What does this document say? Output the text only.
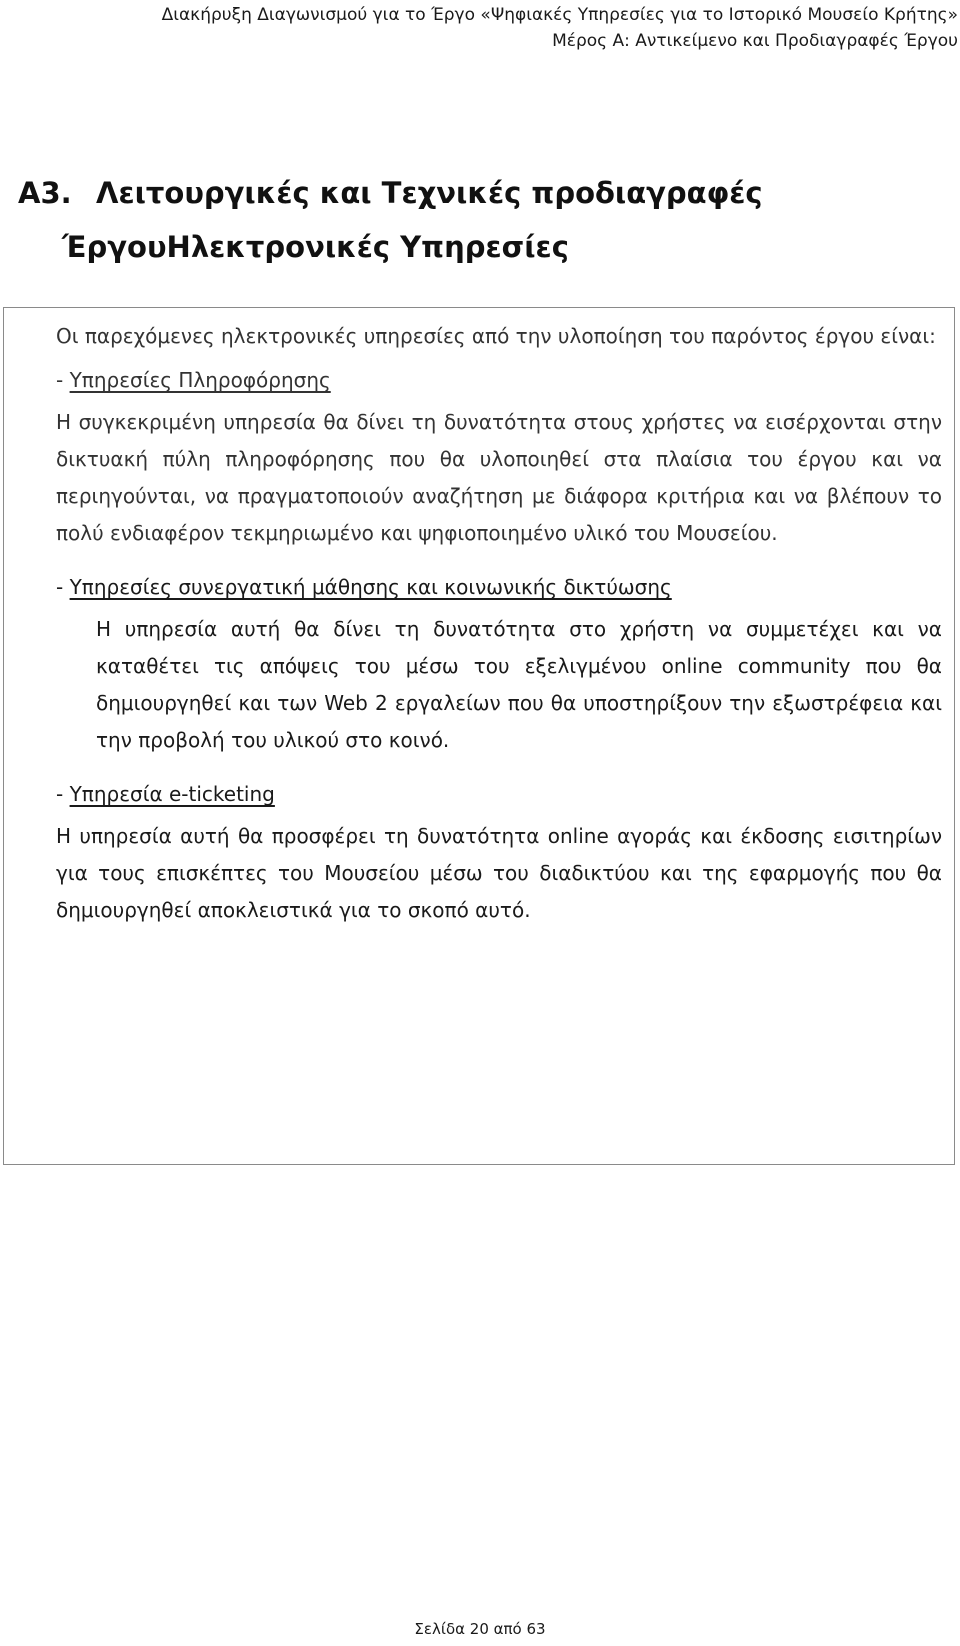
Διακήρυξη Διαγωνισμού για το Έργο «Ψηφιακές Υπηρεσίες για το Ιστορικό Μουσείο Κρήτης»
Μέρος Α: Αντικείμενο και Προδιαγραφές Έργου
Α3. Λειτουργικές και Τεχνικές προδιαγραφές
ΈργουΗλεκτρονικές Υπηρεσίες

Οι παρεχόμενες ηλεκτρονικές υπηρεσίες από την υλοποίηση του παρόντος έργου είναι:

- Υπηρεσίες Πληροφόρησης

Η συγκεκριμένη υπηρεσία θα δίνει τη δυνατότητα στους χρήστες να εισέρχονται στην δικτυακή πύλη πληροφόρησης που θα υλοποιηθεί στα πλαίσια του έργου και να περιηγούνται, να πραγματοποιούν αναζήτηση με διάφορα κριτήρια και να βλέπουν το πολύ ενδιαφέρον τεκμηριωμένο και ψηφιοποιημένο υλικό του Μουσείου.

- Υπηρεσίες συνεργατική μάθησης και κοινωνικής δικτύωσης

Η υπηρεσία αυτή θα δίνει τη δυνατότητα στο χρήστη να συμμετέχει και να καταθέτει τις απόψεις του μέσω του εξελιγμένου online community που θα δημιουργηθεί και των Web 2 εργαλείων που θα υποστηρίξουν την εξωστρέφεια και την προβολή του υλικού στο κοινό.

- Υπηρεσία e-ticketing

Η υπηρεσία αυτή θα προσφέρει τη δυνατότητα online αγοράς και έκδοσης εισιτηρίων για τους επισκέπτες του Μουσείου μέσω του διαδικτύου και της εφαρμογής που θα δημιουργηθεί αποκλειστικά για το σκοπό αυτό.

Σελίδα 20 από 63
